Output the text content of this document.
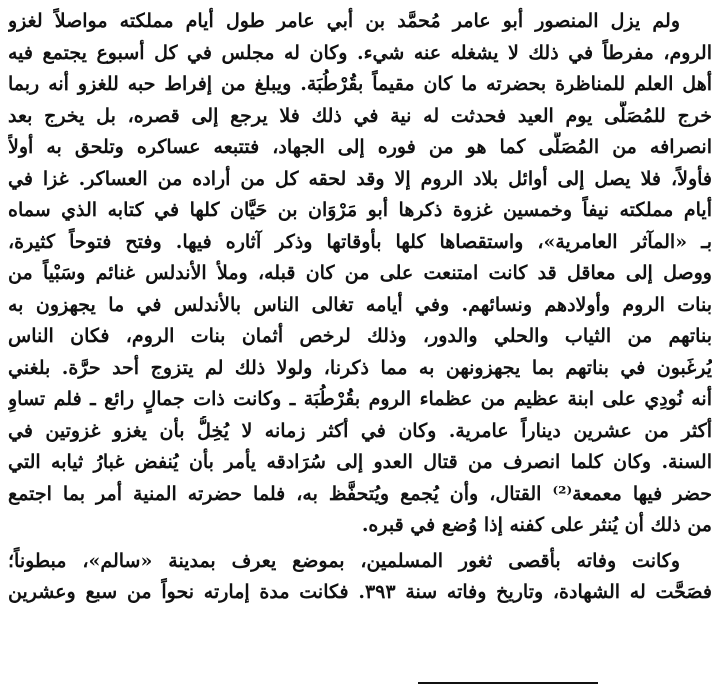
ولم يزل المنصور أبو عامر مُحمَّد بن أبي عامر طول أيام مملكته مواصلاً لغزو
الروم، مفرطاً في ذلك لا يشغله عنه شيء. وكان له مجلس في كل أسبوع يجتمع فيه
أهل العلم للمناظرة بحضرته ما كان مقيماً بقُرْطُبَة. ويبلغ من إفراط حبه للغزو أنه ربما
خرج للمُصَلَّى يوم العيد فحدثت له نية في ذلك فلا يرجع إلى قصره، بل يخرج بعد
انصرافه من المُصَلَّى كما هو من فوره إلى الجهاد، فتتبعه عساكره وتلحق به أولاً
فأولاً، فلا يصل إلى أوائل بلاد الروم إلا وقد لحقه كل من أراده من العساكر. غزا في
أيام مملكته نيفاً وخمسين غزوة ذكرها أبو مَرْوَان بن حَيَّان كلها في كتابه الذي سماه
بـ «المآثر العامرية»، واستقصاها كلها بأوقاتها وذكر آثاره فيها. وفتح فتوحاً كثيرة،
ووصل إلى معاقل قد كانت امتنعت على من كان قبله، وملأ الأندلس غنائم وسَبْياً من
بنات الروم وأولادهم ونسائهم. وفي أيامه تغالى الناس بالأندلس في ما يجهزون به
بناتهم من الثياب والحلي والدور، وذلك لرخص أثمان بنات الروم، فكان الناس
يُرغَبون في بناتهم بما يجهزونهن به مما ذكرنا، ولولا ذلك لم يتزوج أحد حرَّة. بلغني
أنه نُودِي على ابنة عظيم من عظماء الروم بقُرْطُبَة ـ وكانت ذات جمالٍ رائع ـ فلم تساوِ
أكثر من عشرين ديناراً عامرية. وكان في أكثر زمانه لا يُخِلُّ بأن يغزو غزوتين في
السنة. وكان كلما انصرف من قتال العدو إلى سُرَادقه يأمر بأن يُنفض غبارُ ثيابه التي
حضر فيها معمعة⁽²⁾ القتال، وأن يُجمع ويُتحفَّظ به، فلما حضرته المنية أمر بما اجتمع
من ذلك أن يُنثر على كفنه إذا وُضع في قبره.
وكانت وفاته بأقصى ثغور المسلمين، بموضع يعرف بمدينة «سالم»، مبطوناً؛
فصَحَّت له الشهادة، وتاريخ وفاته سنة ٣٩٣. فكانت مدة إمارته نحواً من سبع وعشرين
